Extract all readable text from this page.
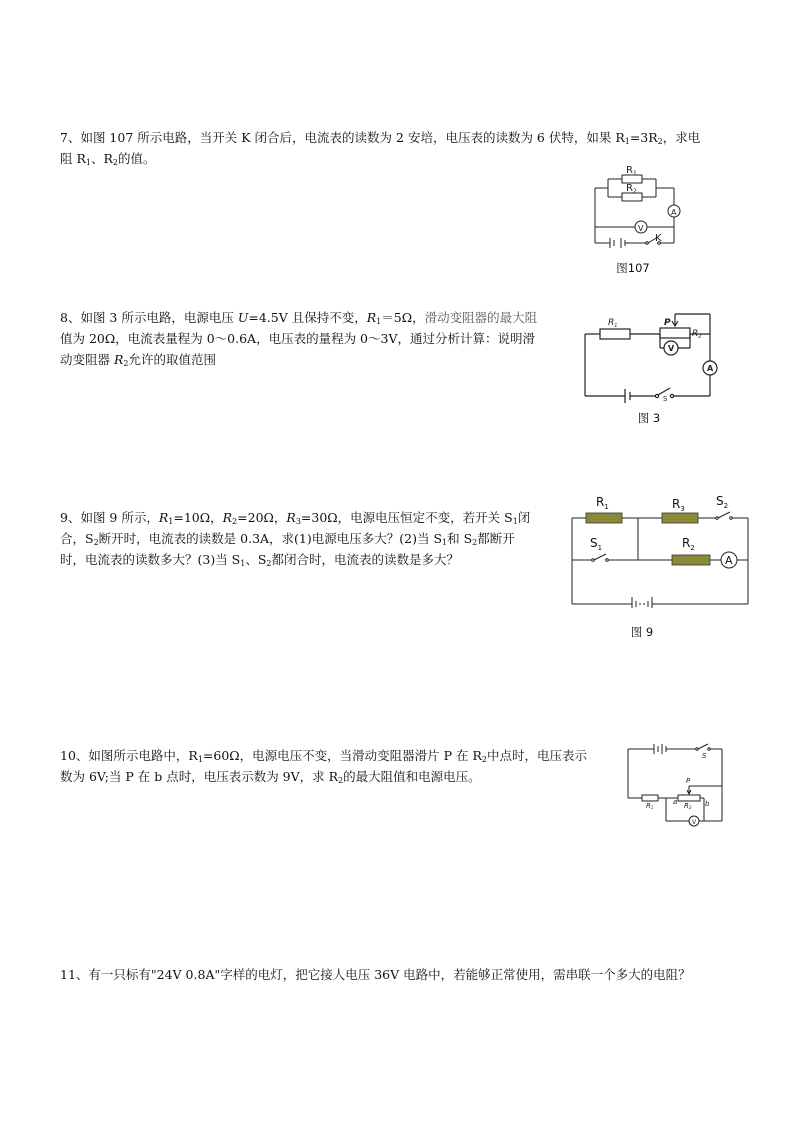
7、如图 107 所示电路，当开关 K 闭合后，电流表的读数为 2 安培，电压表的读数为 6 伏特，如果 $R_1=3R_2$，求电

阻 $R_1$、$R_2$的值。

$R_1$
$R_2$
A
V
K
图107

8、如图 3 所示电路，电源电压 U=4.5V 且保持不变，$R_1=5\Omega$，滑动变阻器的最大阻

值为 20Ω，电流表量程为 0～0.6A，电压表的量程为 0～3V，通过分析计算：说明滑

动变阻器 $R_2$允许的取值范围

$R_1$	P
$R_2$
V
A
S
图 3

9、如图 9 所示，$R_1=10\Omega$，$R_2=20\Omega$，$R_3=30\Omega$，电源电压恒定不变，若开关 $S_1$闭

合，$S_2$断开时，电流表的读数是 0.3A，求(1)电源电压多大？(2)当 $S_1$和 $S_2$都断开

时，电流表的读数多大？(3)当 $S_1$、$S_2$都闭合时，电流表的读数是多大？

$R_1$	$R_3$
$S_2$
$S_1$	$R_2$
A
图 9

10、如图所示电路中，$R_1=60\Omega$，电源电压不变，当滑动变阻器滑片 P 在 $R_2$中点时，电压表示

数为 6V;当 P 在 b 点时，电压表示数为 9V，求 $R_2$的最大阻值和电源电压。

S
P
R1
a R2 b
V

11、有一只标有"24V 0.8A"字样的电灯，把它接人电压 36V 电路中，若能够正常使用，需串联一个多大的电阻？
